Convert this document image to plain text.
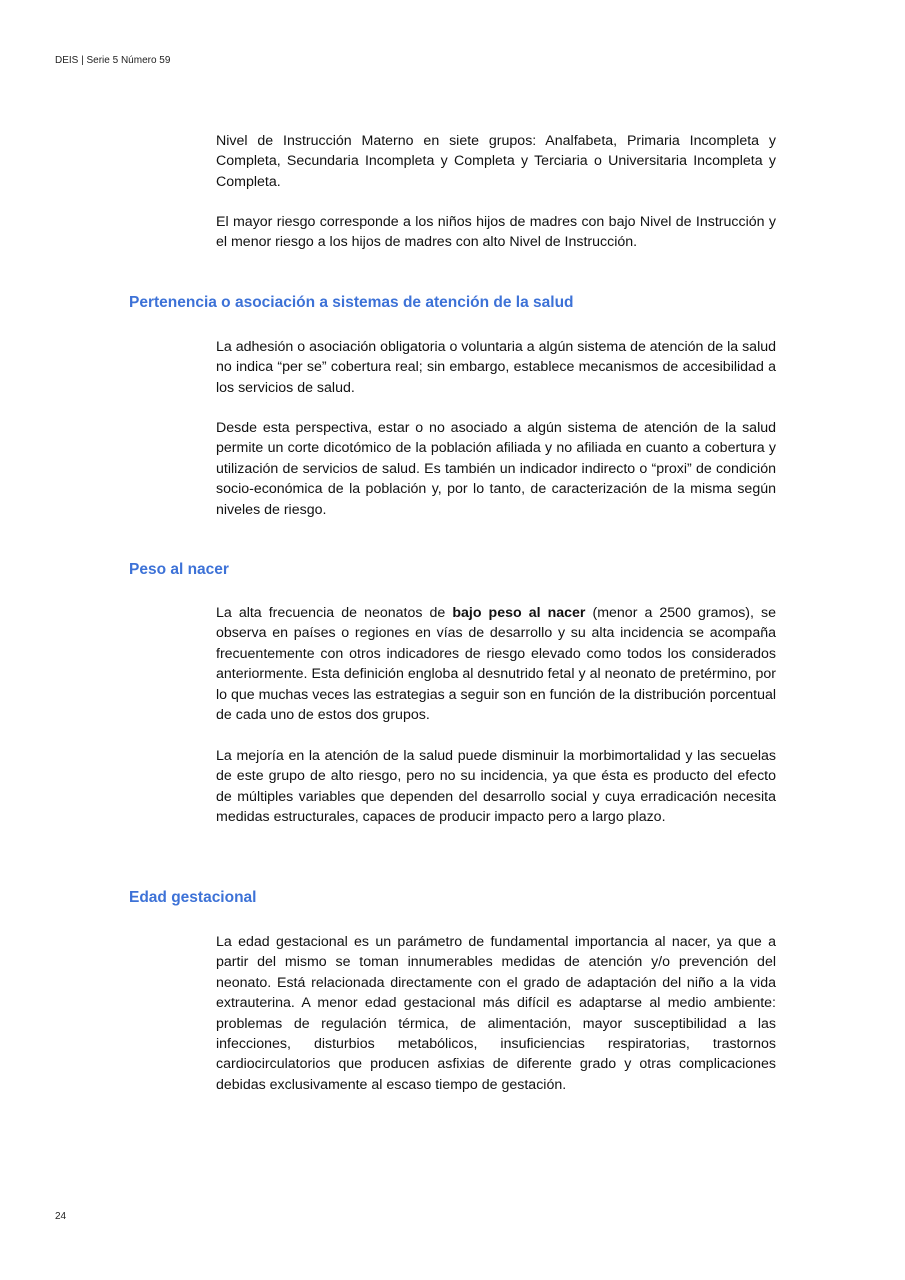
DEIS | Serie 5 Número 59

Nivel de Instrucción Materno en siete grupos: Analfabeta, Primaria Incompleta y Completa, Secundaria Incompleta y Completa y Terciaria o Universitaria Incompleta y Completa.

El mayor riesgo corresponde a los niños hijos de madres con bajo Nivel de Instrucción y el menor riesgo a los hijos de madres con alto Nivel de Instrucción.

Pertenencia o asociación a sistemas de atención de la salud

La adhesión o asociación obligatoria o voluntaria a algún sistema de atención de la salud no indica “per se” cobertura real; sin embargo, establece mecanismos de accesibilidad a los servicios de salud.

Desde esta perspectiva, estar o no asociado a algún sistema de atención de la salud permite un corte dicotómico de la población afiliada y no afiliada en cuanto a cobertura y utilización de servicios de salud. Es también un indicador indirecto o “proxi” de condición socio-económica de la población y, por lo tanto, de caracterización de la misma según niveles de riesgo.

Peso al nacer

La alta frecuencia de neonatos de bajo peso al nacer (menor a 2500 gramos), se observa en países o regiones en vías de desarrollo y su alta incidencia se acompaña frecuentemente con otros indicadores de riesgo elevado como todos los considerados anteriormente. Esta definición engloba al desnutrido fetal y al neonato de pretérmino, por lo que muchas veces las estrategias a seguir son en función de la distribución porcentual de cada uno de estos dos grupos.

La mejoría en la atención de la salud puede disminuir la morbimortalidad y las secuelas de este grupo de alto riesgo, pero no su incidencia, ya que ésta es producto del efecto de múltiples variables que dependen del desarrollo social y cuya erradicación necesita medidas estructurales, capaces de producir impacto pero a largo plazo.

Edad gestacional

La edad gestacional es un parámetro de fundamental importancia al nacer, ya que a partir del mismo se toman innumerables medidas de atención y/o prevención del neonato. Está relacionada directamente con el grado de adaptación del niño a la vida extrauterina. A menor edad gestacional más difícil es adaptarse al medio ambiente: problemas de regulación térmica, de alimentación, mayor susceptibilidad a las infecciones, disturbios metabólicos, insuficiencias respiratorias, trastornos cardiocirculatorios que producen asfixias de diferente grado y otras complicaciones debidas exclusivamente al escaso tiempo de gestación.

24
